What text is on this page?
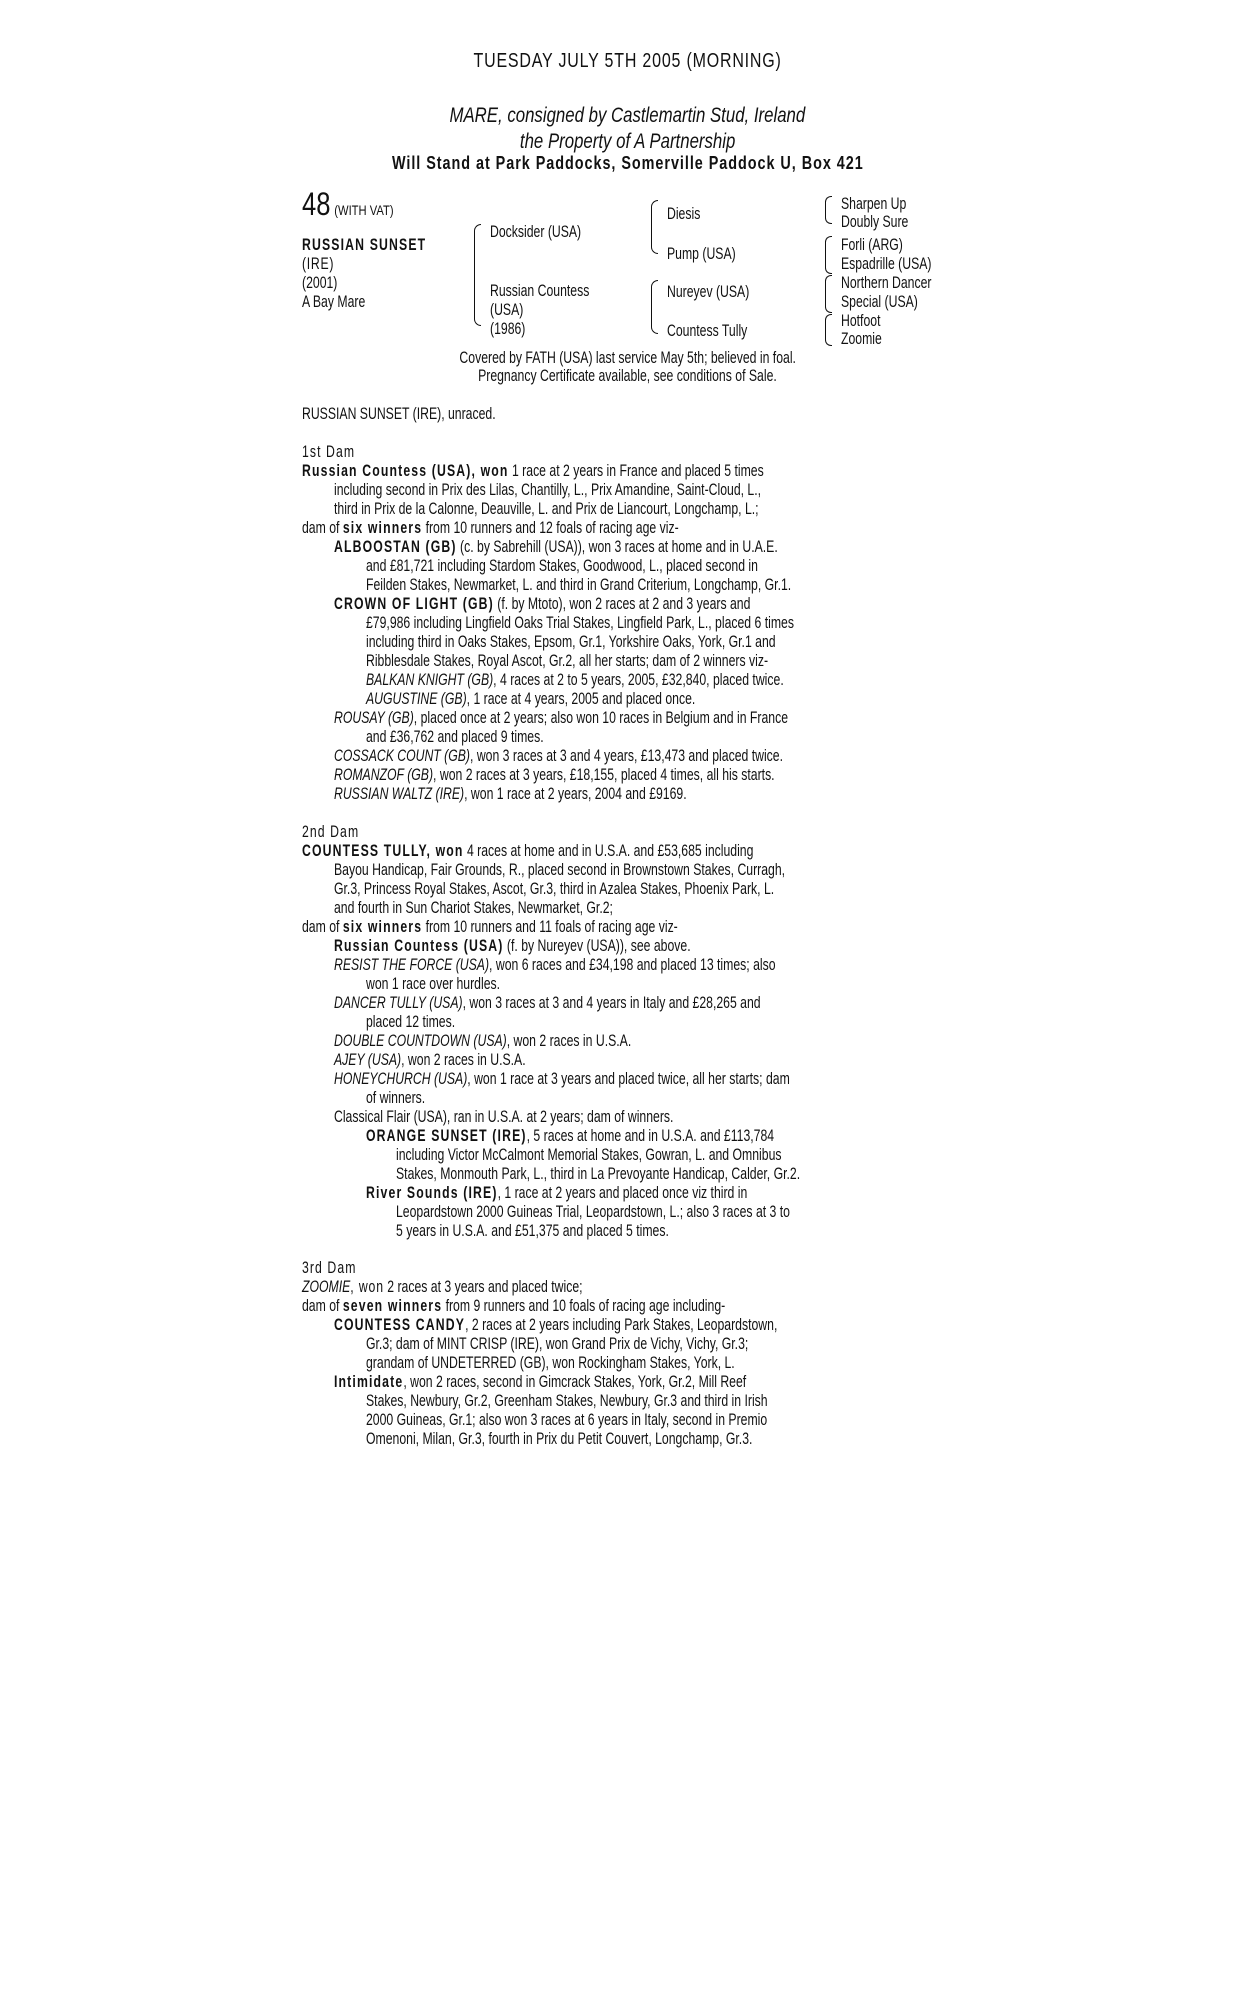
TUESDAY JULY 5TH 2005 (MORNING)
MARE, consigned by Castlemartin Stud, Ireland
the Property of A Partnership
Will Stand at Park Paddocks, Somerville Paddock U, Box 421
48 (WITH VAT)
RUSSIAN SUNSET
(IRE)
(2001)
A Bay Mare
Docksider (USA)
Russian Countess
(USA)
(1986)
Diesis
Pump (USA)
Nureyev (USA)
Countess Tully
Sharpen Up
Doubly Sure
Forli (ARG)
Espadrille (USA)
Northern Dancer
Special (USA)
Hotfoot
Zoomie
Covered by FATH (USA) last service May 5th; believed in foal.
Pregnancy Certificate available, see conditions of Sale.
RUSSIAN SUNSET (IRE), unraced.
1st Dam
Russian Countess (USA), won 1 race at 2 years in France and placed 5 times
including second in Prix des Lilas, Chantilly, L., Prix Amandine, Saint-Cloud, L.,
third in Prix de la Calonne, Deauville, L. and Prix de Liancourt, Longchamp, L.;
dam of six winners from 10 runners and 12 foals of racing age viz-
ALBOOSTAN (GB) (c. by Sabrehill (USA)), won 3 races at home and in U.A.E.
and £81,721 including Stardom Stakes, Goodwood, L., placed second in
Feilden Stakes, Newmarket, L. and third in Grand Criterium, Longchamp, Gr.1.
CROWN OF LIGHT (GB) (f. by Mtoto), won 2 races at 2 and 3 years and
£79,986 including Lingfield Oaks Trial Stakes, Lingfield Park, L., placed 6 times
including third in Oaks Stakes, Epsom, Gr.1, Yorkshire Oaks, York, Gr.1 and
Ribblesdale Stakes, Royal Ascot, Gr.2, all her starts; dam of 2 winners viz-
BALKAN KNIGHT (GB), 4 races at 2 to 5 years, 2005, £32,840, placed twice.
AUGUSTINE (GB), 1 race at 4 years, 2005 and placed once.
ROUSAY (GB), placed once at 2 years; also won 10 races in Belgium and in France
and £36,762 and placed 9 times.
COSSACK COUNT (GB), won 3 races at 3 and 4 years, £13,473 and placed twice.
ROMANZOF (GB), won 2 races at 3 years, £18,155, placed 4 times, all his starts.
RUSSIAN WALTZ (IRE), won 1 race at 2 years, 2004 and £9169.
2nd Dam
COUNTESS TULLY, won 4 races at home and in U.S.A. and £53,685 including
Bayou Handicap, Fair Grounds, R., placed second in Brownstown Stakes, Curragh,
Gr.3, Princess Royal Stakes, Ascot, Gr.3, third in Azalea Stakes, Phoenix Park, L.
and fourth in Sun Chariot Stakes, Newmarket, Gr.2;
dam of six winners from 10 runners and 11 foals of racing age viz-
Russian Countess (USA) (f. by Nureyev (USA)), see above.
RESIST THE FORCE (USA), won 6 races and £34,198 and placed 13 times; also
won 1 race over hurdles.
DANCER TULLY (USA), won 3 races at 3 and 4 years in Italy and £28,265 and
placed 12 times.
DOUBLE COUNTDOWN (USA), won 2 races in U.S.A.
AJEY (USA), won 2 races in U.S.A.
HONEYCHURCH (USA), won 1 race at 3 years and placed twice, all her starts; dam
of winners.
Classical Flair (USA), ran in U.S.A. at 2 years; dam of winners.
ORANGE SUNSET (IRE), 5 races at home and in U.S.A. and £113,784
including Victor McCalmont Memorial Stakes, Gowran, L. and Omnibus
Stakes, Monmouth Park, L., third in La Prevoyante Handicap, Calder, Gr.2.
River Sounds (IRE), 1 race at 2 years and placed once viz third in
Leopardstown 2000 Guineas Trial, Leopardstown, L.; also 3 races at 3 to
5 years in U.S.A. and £51,375 and placed 5 times.
3rd Dam
ZOOMIE, won 2 races at 3 years and placed twice;
dam of seven winners from 9 runners and 10 foals of racing age including-
COUNTESS CANDY, 2 races at 2 years including Park Stakes, Leopardstown,
Gr.3; dam of MINT CRISP (IRE), won Grand Prix de Vichy, Vichy, Gr.3;
grandam of UNDETERRED (GB), won Rockingham Stakes, York, L.
Intimidate, won 2 races, second in Gimcrack Stakes, York, Gr.2, Mill Reef
Stakes, Newbury, Gr.2, Greenham Stakes, Newbury, Gr.3 and third in Irish
2000 Guineas, Gr.1; also won 3 races at 6 years in Italy, second in Premio
Omenoni, Milan, Gr.3, fourth in Prix du Petit Couvert, Longchamp, Gr.3.
